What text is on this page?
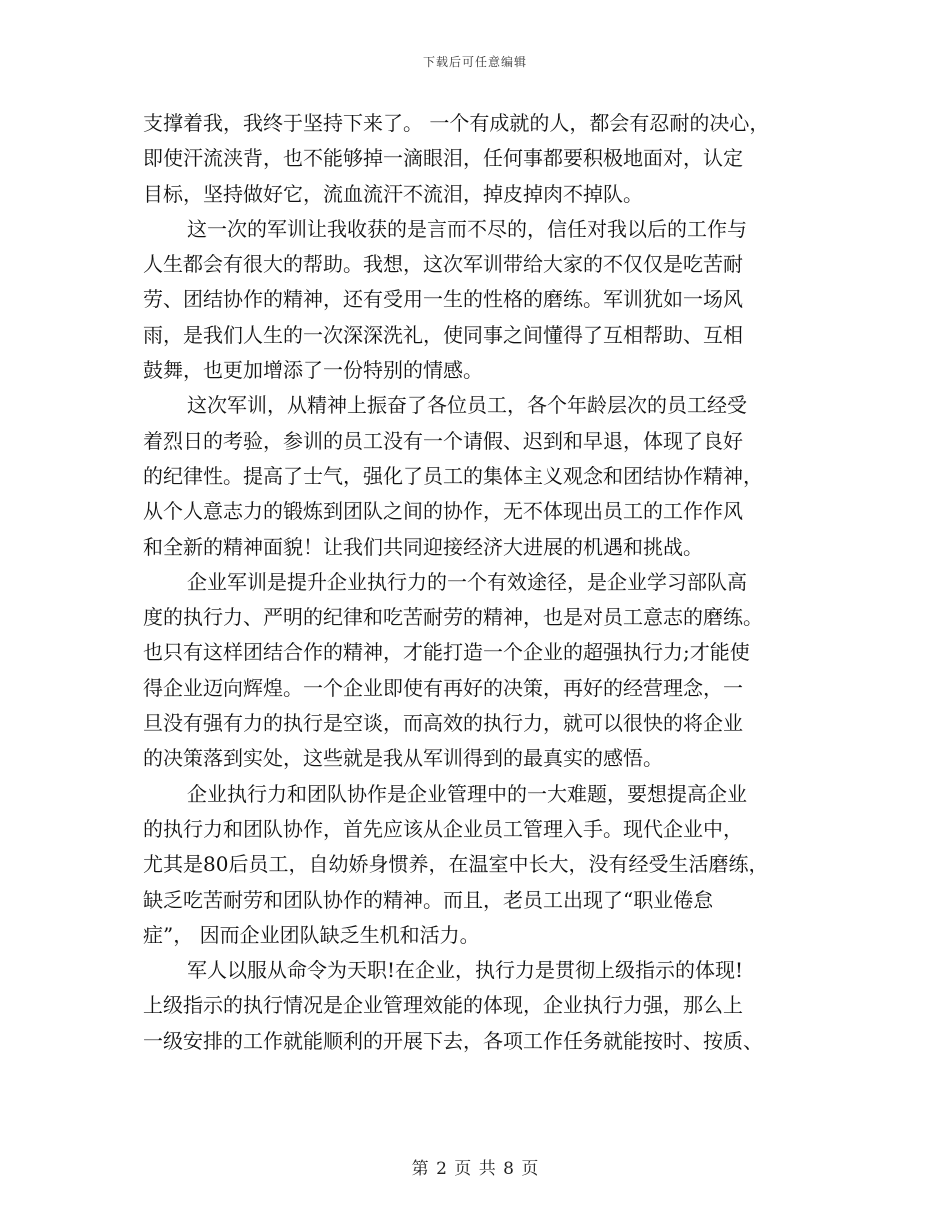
下载后可任意编辑
支撑着我，我终于坚持下来了。 一个有成就的人，都会有忍耐的决心，
即使汗流浃背，也不能够掉一滴眼泪，任何事都要积极地面对，认定
目标，坚持做好它，流血流汗不流泪，掉皮掉肉不掉队。
这一次的军训让我收获的是言而不尽的，信任对我以后的工作与
人生都会有很大的帮助。我想，这次军训带给大家的不仅仅是吃苦耐
劳、团结协作的精神，还有受用一生的性格的磨练。军训犹如一场风
雨，是我们人生的一次深深洗礼，使同事之间懂得了互相帮助、互相
鼓舞，也更加增添了一份特别的情感。
这次军训，从精神上振奋了各位员工，各个年龄层次的员工经受
着烈日的考验，参训的员工没有一个请假、迟到和早退，体现了良好
的纪律性。提高了士气，强化了员工的集体主义观念和团结协作精神，
从个人意志力的锻炼到团队之间的协作，无不体现出员工的工作作风
和全新的精神面貌！让我们共同迎接经济大进展的机遇和挑战。
企业军训是提升企业执行力的一个有效途径，是企业学习部队高
度的执行力、严明的纪律和吃苦耐劳的精神，也是对员工意志的磨练。
也只有这样团结合作的精神，才能打造一个企业的超强执行力;才能使
得企业迈向辉煌。一个企业即使有再好的决策，再好的经营理念，一
旦没有强有力的执行是空谈，而高效的执行力，就可以很快的将企业
的决策落到实处，这些就是我从军训得到的最真实的感悟。
企业执行力和团队协作是企业管理中的一大难题，要想提高企业
的执行力和团队协作，首先应该从企业员工管理入手。现代企业中，
尤其是80后员工，自幼娇身惯养，在温室中长大，没有经受生活磨练，
缺乏吃苦耐劳和团队协作的精神。而且，老员工出现了“职业倦怠
症”， 因而企业团队缺乏生机和活力。
军人以服从命令为天职!在企业，执行力是贯彻上级指示的体现!
上级指示的执行情况是企业管理效能的体现，企业执行力强，那么上
一级安排的工作就能顺利的开展下去，各项工作任务就能按时、按质、
第 2 页 共 8 页
